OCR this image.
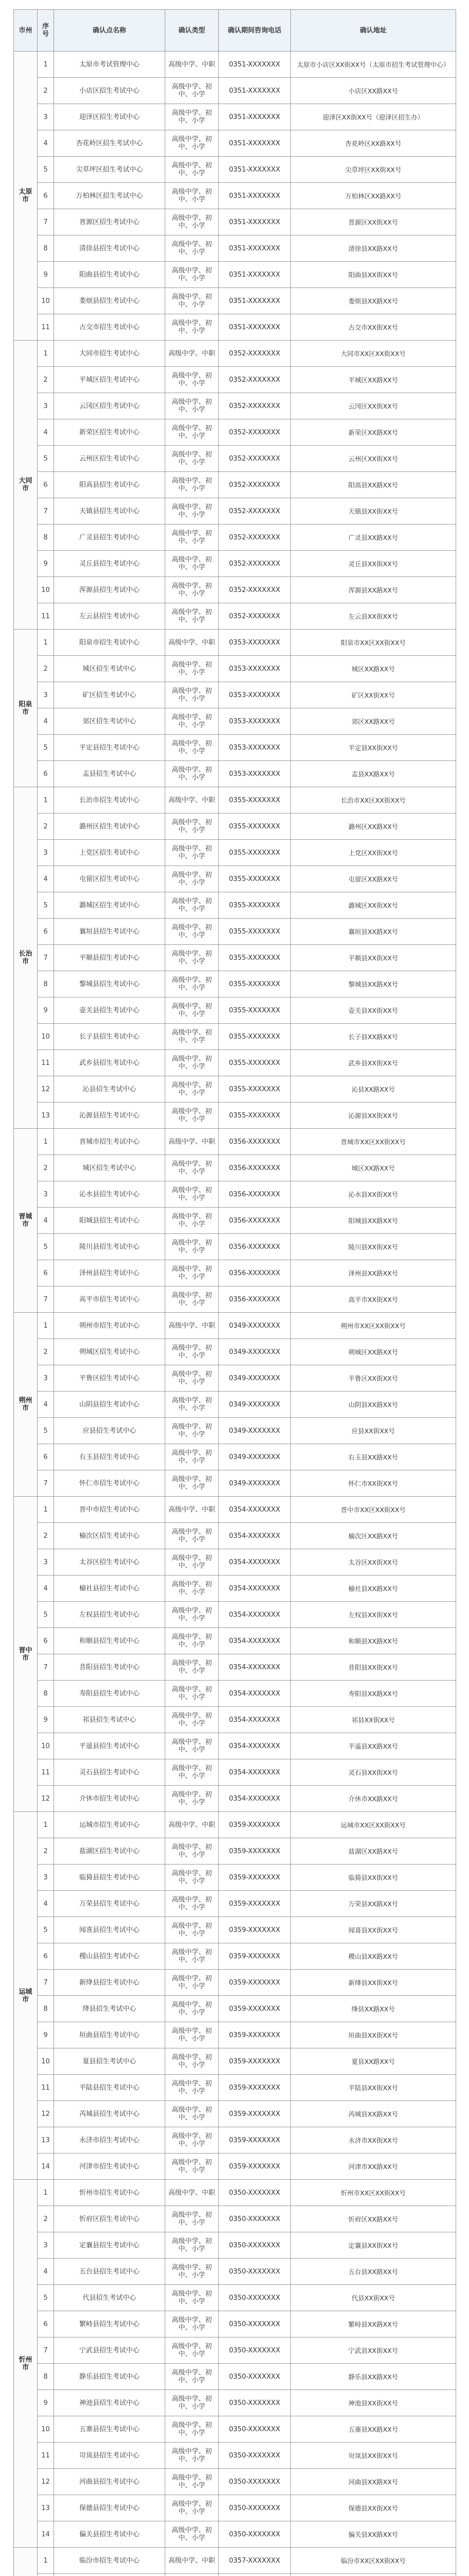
市州	序号	确认点名称	确认类型	确认期间咨询电话	确认地址
太原市	1	太原市考试管理中心	高级中学、中职	0351-XXXXXXX	太原市小店区XX街XX号（太原市招生考试管理中心）
	2	小店区招生考试中心	高级中学、初中、小学	0351-XXXXXXX	小店区XX路XX号
	3	迎泽区招生考试中心	高级中学、初中、小学	0351-XXXXXXX	迎泽区XX街XX号（迎泽区招生办）
	4	杏花岭区招生考试中心	高级中学、初中、小学	0351-XXXXXXX	杏花岭区XX路XX号
	5	尖草坪区招生考试中心	高级中学、初中、小学	0351-XXXXXXX	尖草坪区XX街XX号
	6	万柏林区招生考试中心	高级中学、初中、小学	0351-XXXXXXX	万柏林区XX路XX号
	7	晋源区招生考试中心	高级中学、初中、小学	0351-XXXXXXX	晋源区XX街XX号
	8	清徐县招生考试中心	高级中学、初中、小学	0351-XXXXXXX	清徐县XX路XX号
	9	阳曲县招生考试中心	高级中学、初中、小学	0351-XXXXXXX	阳曲县XX街XX号
	10	娄烦县招生考试中心	高级中学、初中、小学	0351-XXXXXXX	娄烦县XX路XX号
	11	古交市招生考试中心	高级中学、初中、小学	0351-XXXXXXX	古交市XX街XX号
大同市	1	大同市招生考试中心	高级中学、中职	0352-XXXXXXX	大同市XX区XX街XX号
	2	平城区招生考试中心	高级中学、初中、小学	0352-XXXXXXX	平城区XX路XX号
	3	云冈区招生考试中心	高级中学、初中、小学	0352-XXXXXXX	云冈区XX街XX号
	4	新荣区招生考试中心	高级中学、初中、小学	0352-XXXXXXX	新荣区XX路XX号
	5	云州区招生考试中心	高级中学、初中、小学	0352-XXXXXXX	云州区XX街XX号
	6	阳高县招生考试中心	高级中学、初中、小学	0352-XXXXXXX	阳高县XX路XX号
	7	天镇县招生考试中心	高级中学、初中、小学	0352-XXXXXXX	天镇县XX街XX号
	8	广灵县招生考试中心	高级中学、初中、小学	0352-XXXXXXX	广灵县XX路XX号
	9	灵丘县招生考试中心	高级中学、初中、小学	0352-XXXXXXX	灵丘县XX街XX号
	10	浑源县招生考试中心	高级中学、初中、小学	0352-XXXXXXX	浑源县XX路XX号
	11	左云县招生考试中心	高级中学、初中、小学	0352-XXXXXXX	左云县XX街XX号
阳泉市	1	阳泉市招生考试中心	高级中学、中职	0353-XXXXXXX	阳泉市XX区XX街XX号
	2	城区招生考试中心	高级中学、初中、小学	0353-XXXXXXX	城区XX路XX号
	3	矿区招生考试中心	高级中学、初中、小学	0353-XXXXXXX	矿区XX街XX号
	4	郊区招生考试中心	高级中学、初中、小学	0353-XXXXXXX	郊区XX路XX号
	5	平定县招生考试中心	高级中学、初中、小学	0353-XXXXXXX	平定县XX街XX号
	6	盂县招生考试中心	高级中学、初中、小学	0353-XXXXXXX	盂县XX路XX号
长治市	1	长治市招生考试中心	高级中学、中职	0355-XXXXXXX	长治市XX区XX街XX号
	2	潞州区招生考试中心	高级中学、初中、小学	0355-XXXXXXX	潞州区XX路XX号
	3	上党区招生考试中心	高级中学、初中、小学	0355-XXXXXXX	上党区XX街XX号
	4	屯留区招生考试中心	高级中学、初中、小学	0355-XXXXXXX	屯留区XX路XX号
	5	潞城区招生考试中心	高级中学、初中、小学	0355-XXXXXXX	潞城区XX街XX号
	6	襄垣县招生考试中心	高级中学、初中、小学	0355-XXXXXXX	襄垣县XX路XX号
	7	平顺县招生考试中心	高级中学、初中、小学	0355-XXXXXXX	平顺县XX街XX号
	8	黎城县招生考试中心	高级中学、初中、小学	0355-XXXXXXX	黎城县XX路XX号
	9	壶关县招生考试中心	高级中学、初中、小学	0355-XXXXXXX	壶关县XX街XX号
	10	长子县招生考试中心	高级中学、初中、小学	0355-XXXXXXX	长子县XX路XX号
	11	武乡县招生考试中心	高级中学、初中、小学	0355-XXXXXXX	武乡县XX街XX号
	12	沁县招生考试中心	高级中学、初中、小学	0355-XXXXXXX	沁县XX路XX号
	13	沁源县招生考试中心	高级中学、初中、小学	0355-XXXXXXX	沁源县XX街XX号
晋城市	1	晋城市招生考试中心	高级中学、中职	0356-XXXXXXX	晋城市XX区XX街XX号
	2	城区招生考试中心	高级中学、初中、小学	0356-XXXXXXX	城区XX路XX号
	3	沁水县招生考试中心	高级中学、初中、小学	0356-XXXXXXX	沁水县XX街XX号
	4	阳城县招生考试中心	高级中学、初中、小学	0356-XXXXXXX	阳城县XX路XX号
	5	陵川县招生考试中心	高级中学、初中、小学	0356-XXXXXXX	陵川县XX街XX号
	6	泽州县招生考试中心	高级中学、初中、小学	0356-XXXXXXX	泽州县XX路XX号
	7	高平市招生考试中心	高级中学、初中、小学	0356-XXXXXXX	高平市XX街XX号
朔州市	1	朔州市招生考试中心	高级中学、中职	0349-XXXXXXX	朔州市XX区XX街XX号
	2	朔城区招生考试中心	高级中学、初中、小学	0349-XXXXXXX	朔城区XX路XX号
	3	平鲁区招生考试中心	高级中学、初中、小学	0349-XXXXXXX	平鲁区XX街XX号
	4	山阴县招生考试中心	高级中学、初中、小学	0349-XXXXXXX	山阴县XX路XX号
	5	应县招生考试中心	高级中学、初中、小学	0349-XXXXXXX	应县XX街XX号
	6	右玉县招生考试中心	高级中学、初中、小学	0349-XXXXXXX	右玉县XX路XX号
	7	怀仁市招生考试中心	高级中学、初中、小学	0349-XXXXXXX	怀仁市XX街XX号
晋中市	1	晋中市招生考试中心	高级中学、中职	0354-XXXXXXX	晋中市XX区XX街XX号
	2	榆次区招生考试中心	高级中学、初中、小学	0354-XXXXXXX	榆次区XX路XX号
	3	太谷区招生考试中心	高级中学、初中、小学	0354-XXXXXXX	太谷区XX街XX号
	4	榆社县招生考试中心	高级中学、初中、小学	0354-XXXXXXX	榆社县XX路XX号
	5	左权县招生考试中心	高级中学、初中、小学	0354-XXXXXXX	左权县XX街XX号
	6	和顺县招生考试中心	高级中学、初中、小学	0354-XXXXXXX	和顺县XX路XX号
	7	昔阳县招生考试中心	高级中学、初中、小学	0354-XXXXXXX	昔阳县XX街XX号
	8	寿阳县招生考试中心	高级中学、初中、小学	0354-XXXXXXX	寿阳县XX路XX号
	9	祁县招生考试中心	高级中学、初中、小学	0354-XXXXXXX	祁县XX街XX号
	10	平遥县招生考试中心	高级中学、初中、小学	0354-XXXXXXX	平遥县XX路XX号
	11	灵石县招生考试中心	高级中学、初中、小学	0354-XXXXXXX	灵石县XX街XX号
	12	介休市招生考试中心	高级中学、初中、小学	0354-XXXXXXX	介休市XX路XX号
运城市	1	运城市招生考试中心	高级中学、中职	0359-XXXXXXX	运城市XX区XX街XX号
	2	盐湖区招生考试中心	高级中学、初中、小学	0359-XXXXXXX	盐湖区XX路XX号
	3	临猗县招生考试中心	高级中学、初中、小学	0359-XXXXXXX	临猗县XX街XX号
	4	万荣县招生考试中心	高级中学、初中、小学	0359-XXXXXXX	万荣县XX路XX号
	5	闻喜县招生考试中心	高级中学、初中、小学	0359-XXXXXXX	闻喜县XX街XX号
	6	稷山县招生考试中心	高级中学、初中、小学	0359-XXXXXXX	稷山县XX路XX号
	7	新绛县招生考试中心	高级中学、初中、小学	0359-XXXXXXX	新绛县XX街XX号
	8	绛县招生考试中心	高级中学、初中、小学	0359-XXXXXXX	绛县XX路XX号
	9	垣曲县招生考试中心	高级中学、初中、小学	0359-XXXXXXX	垣曲县XX街XX号
	10	夏县招生考试中心	高级中学、初中、小学	0359-XXXXXXX	夏县XX路XX号
	11	平陆县招生考试中心	高级中学、初中、小学	0359-XXXXXXX	平陆县XX街XX号
	12	芮城县招生考试中心	高级中学、初中、小学	0359-XXXXXXX	芮城县XX路XX号
	13	永济市招生考试中心	高级中学、初中、小学	0359-XXXXXXX	永济市XX街XX号
	14	河津市招生考试中心	高级中学、初中、小学	0359-XXXXXXX	河津市XX路XX号
忻州市	1	忻州市招生考试中心	高级中学、中职	0350-XXXXXXX	忻州市XX区XX街XX号
	2	忻府区招生考试中心	高级中学、初中、小学	0350-XXXXXXX	忻府区XX路XX号
	3	定襄县招生考试中心	高级中学、初中、小学	0350-XXXXXXX	定襄县XX街XX号
	4	五台县招生考试中心	高级中学、初中、小学	0350-XXXXXXX	五台县XX路XX号
	5	代县招生考试中心	高级中学、初中、小学	0350-XXXXXXX	代县XX街XX号
	6	繁峙县招生考试中心	高级中学、初中、小学	0350-XXXXXXX	繁峙县XX路XX号
	7	宁武县招生考试中心	高级中学、初中、小学	0350-XXXXXXX	宁武县XX街XX号
	8	静乐县招生考试中心	高级中学、初中、小学	0350-XXXXXXX	静乐县XX路XX号
	9	神池县招生考试中心	高级中学、初中、小学	0350-XXXXXXX	神池县XX街XX号
	10	五寨县招生考试中心	高级中学、初中、小学	0350-XXXXXXX	五寨县XX路XX号
	11	岢岚县招生考试中心	高级中学、初中、小学	0350-XXXXXXX	岢岚县XX街XX号
	12	河曲县招生考试中心	高级中学、初中、小学	0350-XXXXXXX	河曲县XX路XX号
	13	保德县招生考试中心	高级中学、初中、小学	0350-XXXXXXX	保德县XX街XX号
	14	偏关县招生考试中心	高级中学、初中、小学	0350-XXXXXXX	偏关县XX路XX号
	1	临汾市招生考试中心	高级中学、中职	0357-XXXXXXX	临汾市XX区XX街XX号
